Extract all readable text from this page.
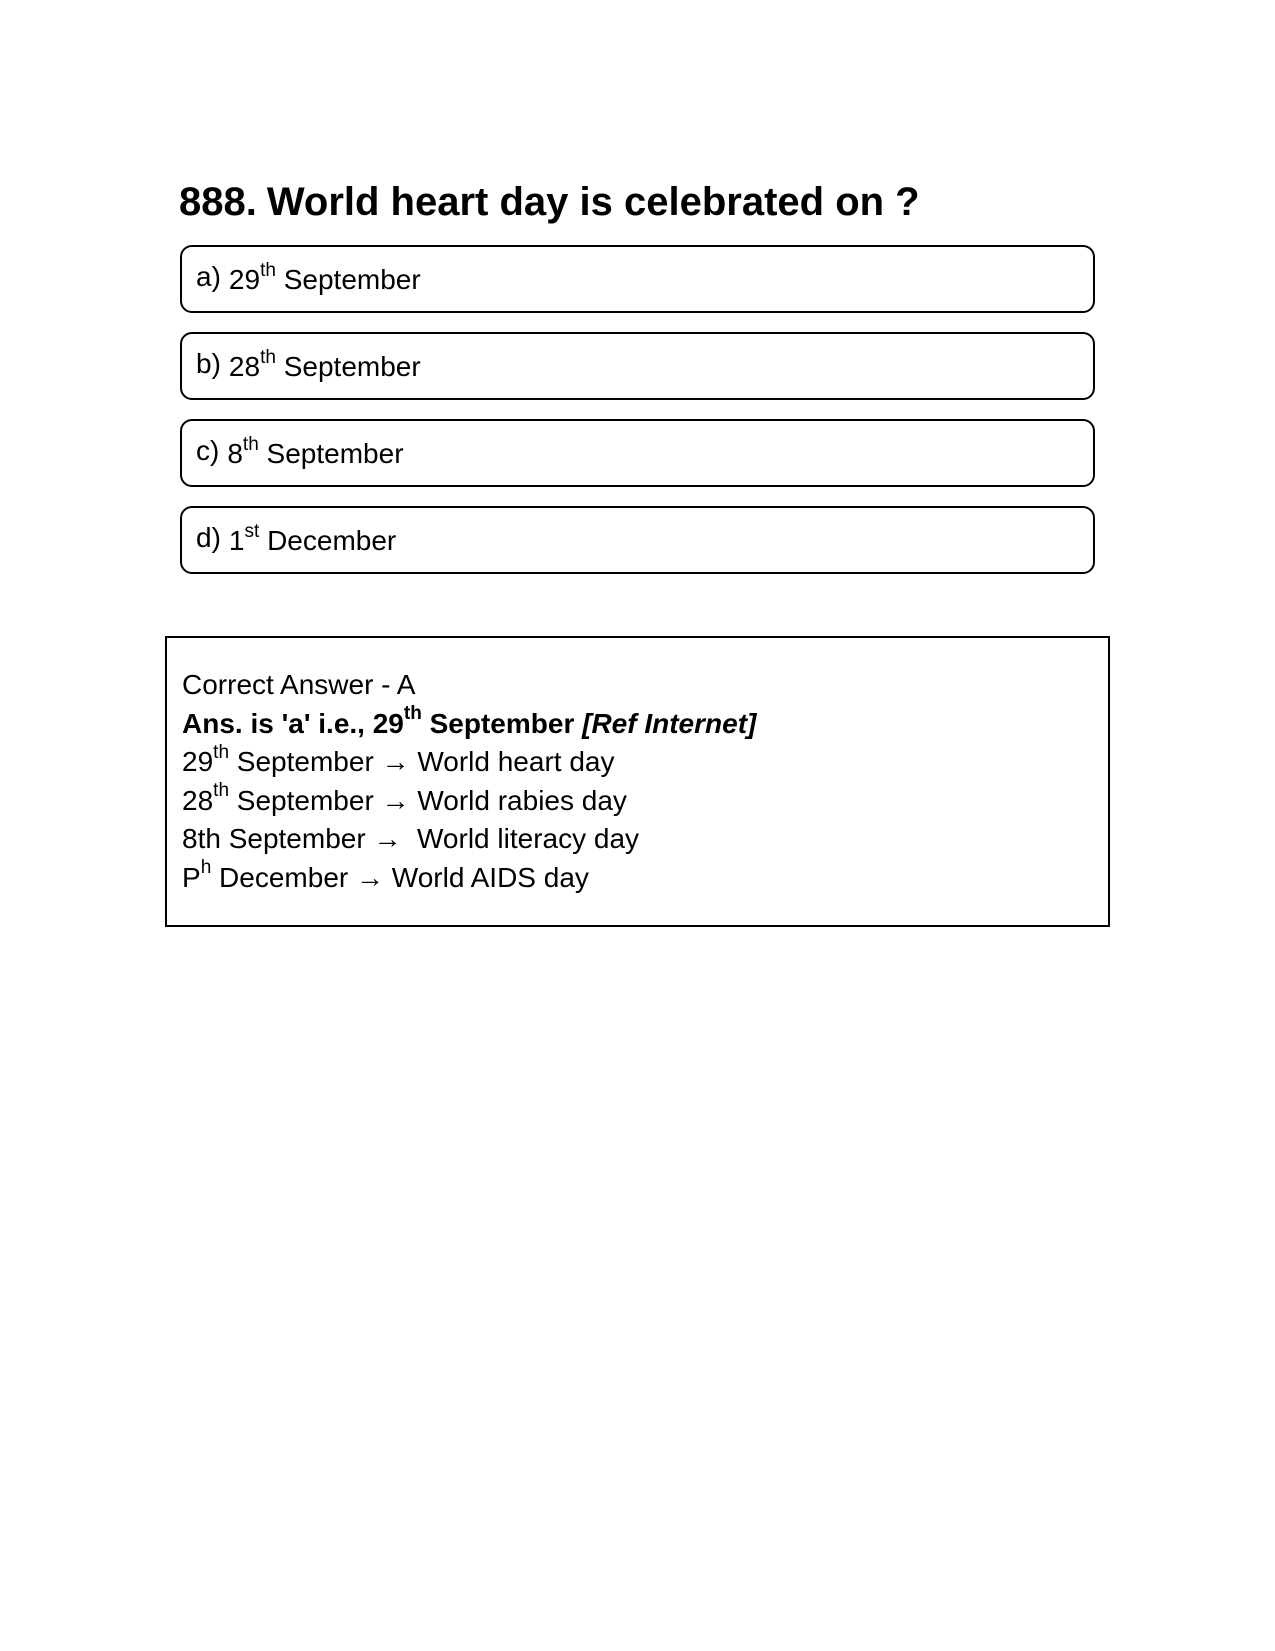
888. World heart day is celebrated on ?
a) 29th September
b) 28th September
c) 8th September
d) 1st December
Correct Answer - A
Ans. is 'a' i.e., 29th September [Ref Internet]
29th September → World heart day
28th September → World rabies day
8th September →  World literacy day
$P^h$ December → World AIDS day
